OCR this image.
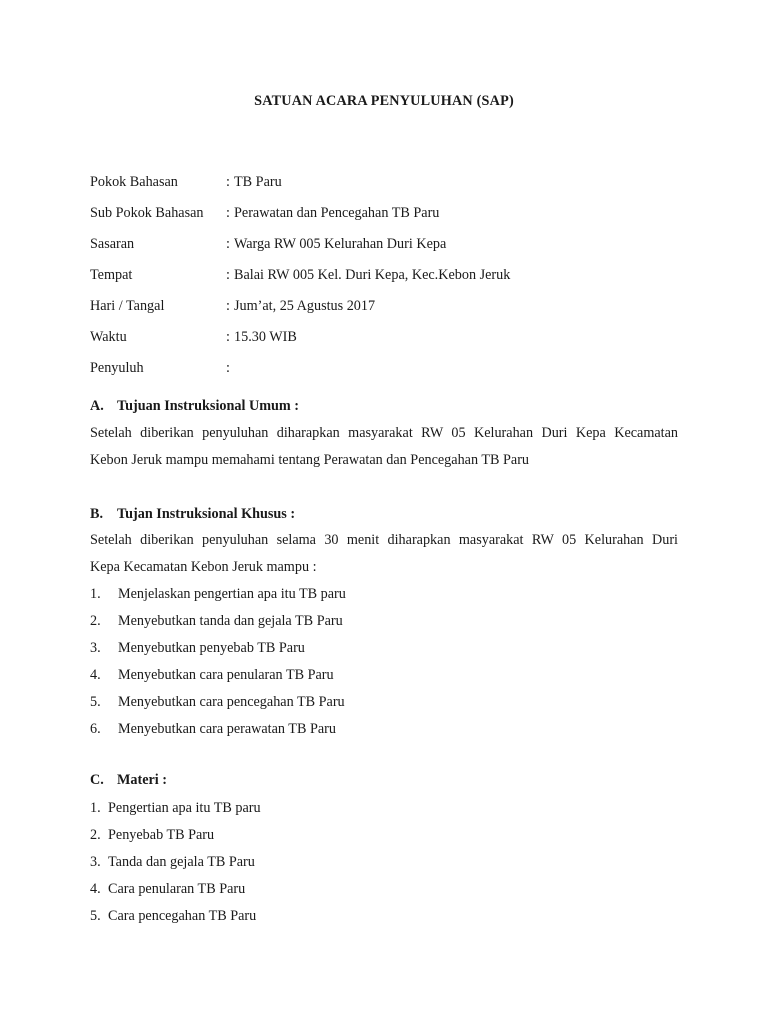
SATUAN ACARA PENYULUHAN (SAP)
Pokok Bahasan	: TB Paru
Sub Pokok Bahasan	: Perawatan dan Pencegahan TB Paru
Sasaran	: Warga RW 005 Kelurahan Duri Kepa
Tempat	: Balai RW 005 Kel. Duri Kepa, Kec.Kebon Jeruk
Hari / Tangal	: Jum’at, 25 Agustus 2017
Waktu	: 15.30 WIB
Penyuluh	:
A. Tujuan Instruksional Umum :
Setelah diberikan penyuluhan diharapkan masyarakat RW 05 Kelurahan Duri Kepa Kecamatan
Kebon Jeruk mampu memahami tentang Perawatan dan Pencegahan TB Paru
B. Tujan Instruksional Khusus :
Setelah diberikan penyuluhan selama 30 menit diharapkan masyarakat RW 05 Kelurahan Duri
Kepa Kecamatan Kebon Jeruk mampu :
1.	Menjelaskan pengertian apa itu TB paru
2.	Menyebutkan tanda dan gejala TB Paru
3.	Menyebutkan penyebab TB Paru
4.	Menyebutkan cara penularan TB Paru
5.	Menyebutkan cara pencegahan TB Paru
6.	Menyebutkan cara perawatan TB Paru
C. Materi :
1. Pengertian apa itu TB paru
2. Penyebab TB Paru
3. Tanda dan gejala TB Paru
4. Cara penularan TB Paru
5. Cara pencegahan TB Paru
